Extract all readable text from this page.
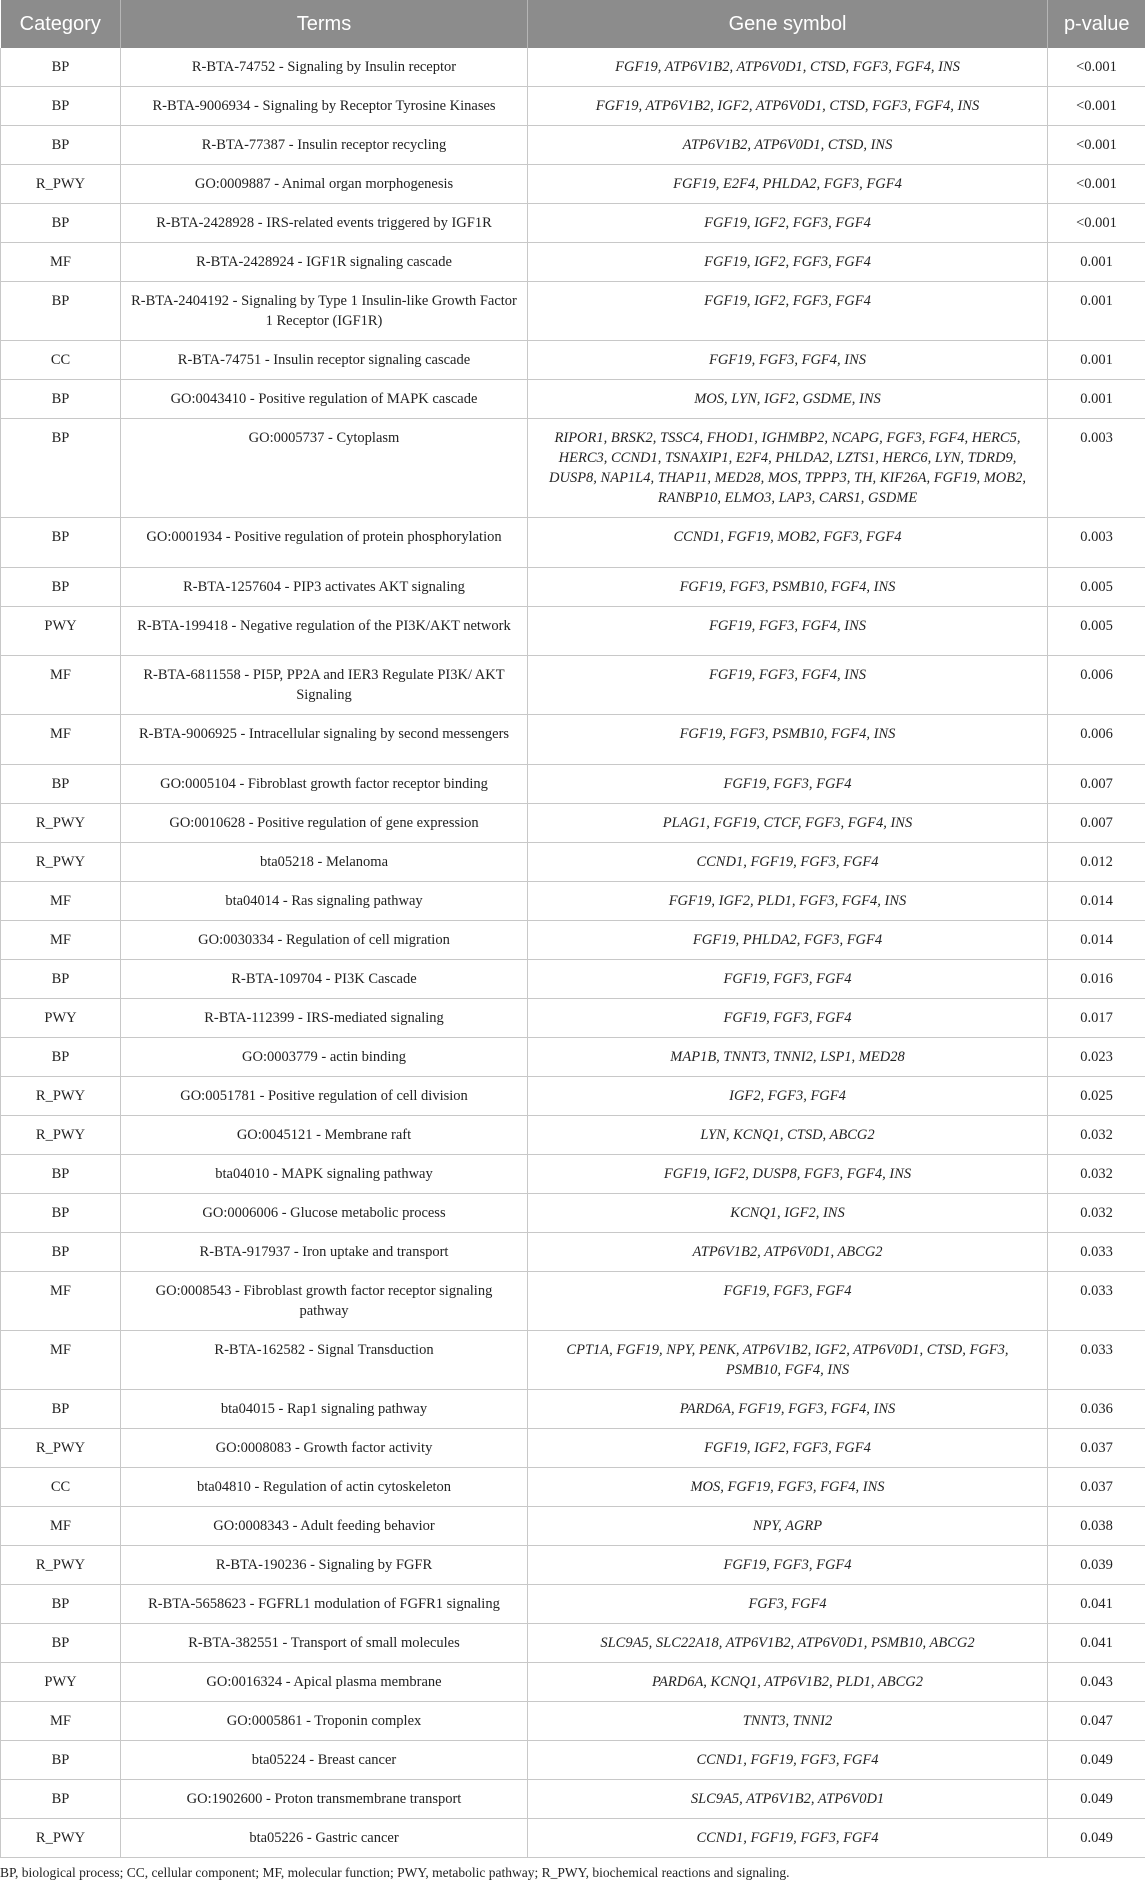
Category	Terms	Gene symbol	p-value
BP	R-BTA-74752 - Signaling by Insulin receptor	FGF19, ATP6V1B2, ATP6V0D1, CTSD, FGF3, FGF4, INS	<0.001
BP	R-BTA-9006934 - Signaling by Receptor Tyrosine Kinases	FGF19, ATP6V1B2, IGF2, ATP6V0D1, CTSD, FGF3, FGF4, INS	<0.001
BP	R-BTA-77387 - Insulin receptor recycling	ATP6V1B2, ATP6V0D1, CTSD, INS	<0.001
R_PWY	GO:0009887 - Animal organ morphogenesis	FGF19, E2F4, PHLDA2, FGF3, FGF4	<0.001
BP	R-BTA-2428928 - IRS-related events triggered by IGF1R	FGF19, IGF2, FGF3, FGF4	<0.001
MF	R-BTA-2428924 - IGF1R signaling cascade	FGF19, IGF2, FGF3, FGF4	0.001
BP	R-BTA-2404192 - Signaling by Type 1 Insulin-like Growth Factor 1 Receptor (IGF1R)	FGF19, IGF2, FGF3, FGF4	0.001
CC	R-BTA-74751 - Insulin receptor signaling cascade	FGF19, FGF3, FGF4, INS	0.001
BP	GO:0043410 - Positive regulation of MAPK cascade	MOS, LYN, IGF2, GSDME, INS	0.001
BP	GO:0005737 - Cytoplasm	RIPOR1, BRSK2, TSSC4, FHOD1, IGHMBP2, NCAPG, FGF3, FGF4, HERC5, HERC3, CCND1, TSNAXIP1, E2F4, PHLDA2, LZTS1, HERC6, LYN, TDRD9, DUSP8, NAP1L4, THAP11, MED28, MOS, TPPP3, TH, KIF26A, FGF19, MOB2, RANBP10, ELMO3, LAP3, CARS1, GSDME	0.003
BP	GO:0001934 - Positive regulation of protein phosphorylation	CCND1, FGF19, MOB2, FGF3, FGF4	0.003
BP	R-BTA-1257604 - PIP3 activates AKT signaling	FGF19, FGF3, PSMB10, FGF4, INS	0.005
PWY	R-BTA-199418 - Negative regulation of the PI3K/AKT network	FGF19, FGF3, FGF4, INS	0.005
MF	R-BTA-6811558 - PI5P, PP2A and IER3 Regulate PI3K/ AKT Signaling	FGF19, FGF3, FGF4, INS	0.006
MF	R-BTA-9006925 - Intracellular signaling by second messengers	FGF19, FGF3, PSMB10, FGF4, INS	0.006
BP	GO:0005104 - Fibroblast growth factor receptor binding	FGF19, FGF3, FGF4	0.007
R_PWY	GO:0010628 - Positive regulation of gene expression	PLAG1, FGF19, CTCF, FGF3, FGF4, INS	0.007
R_PWY	bta05218 - Melanoma	CCND1, FGF19, FGF3, FGF4	0.012
MF	bta04014 - Ras signaling pathway	FGF19, IGF2, PLD1, FGF3, FGF4, INS	0.014
MF	GO:0030334 - Regulation of cell migration	FGF19, PHLDA2, FGF3, FGF4	0.014
BP	R-BTA-109704 - PI3K Cascade	FGF19, FGF3, FGF4	0.016
PWY	R-BTA-112399 - IRS-mediated signaling	FGF19, FGF3, FGF4	0.017
BP	GO:0003779 - actin binding	MAP1B, TNNT3, TNNI2, LSP1, MED28	0.023
R_PWY	GO:0051781 - Positive regulation of cell division	IGF2, FGF3, FGF4	0.025
R_PWY	GO:0045121 - Membrane raft	LYN, KCNQ1, CTSD, ABCG2	0.032
BP	bta04010 - MAPK signaling pathway	FGF19, IGF2, DUSP8, FGF3, FGF4, INS	0.032
BP	GO:0006006 - Glucose metabolic process	KCNQ1, IGF2, INS	0.032
BP	R-BTA-917937 - Iron uptake and transport	ATP6V1B2, ATP6V0D1, ABCG2	0.033
MF	GO:0008543 - Fibroblast growth factor receptor signaling pathway	FGF19, FGF3, FGF4	0.033
MF	R-BTA-162582 - Signal Transduction	CPT1A, FGF19, NPY, PENK, ATP6V1B2, IGF2, ATP6V0D1, CTSD, FGF3, PSMB10, FGF4, INS	0.033
BP	bta04015 - Rap1 signaling pathway	PARD6A, FGF19, FGF3, FGF4, INS	0.036
R_PWY	GO:0008083 - Growth factor activity	FGF19, IGF2, FGF3, FGF4	0.037
CC	bta04810 - Regulation of actin cytoskeleton	MOS, FGF19, FGF3, FGF4, INS	0.037
MF	GO:0008343 - Adult feeding behavior	NPY, AGRP	0.038
R_PWY	R-BTA-190236 - Signaling by FGFR	FGF19, FGF3, FGF4	0.039
BP	R-BTA-5658623 - FGFRL1 modulation of FGFR1 signaling	FGF3, FGF4	0.041
BP	R-BTA-382551 - Transport of small molecules	SLC9A5, SLC22A18, ATP6V1B2, ATP6V0D1, PSMB10, ABCG2	0.041
PWY	GO:0016324 - Apical plasma membrane	PARD6A, KCNQ1, ATP6V1B2, PLD1, ABCG2	0.043
MF	GO:0005861 - Troponin complex	TNNT3, TNNI2	0.047
BP	bta05224 - Breast cancer	CCND1, FGF19, FGF3, FGF4	0.049
BP	GO:1902600 - Proton transmembrane transport	SLC9A5, ATP6V1B2, ATP6V0D1	0.049
R_PWY	bta05226 - Gastric cancer	CCND1, FGF19, FGF3, FGF4	0.049
BP, biological process; CC, cellular component; MF, molecular function; PWY, metabolic pathway; R_PWY, biochemical reactions and signaling.
